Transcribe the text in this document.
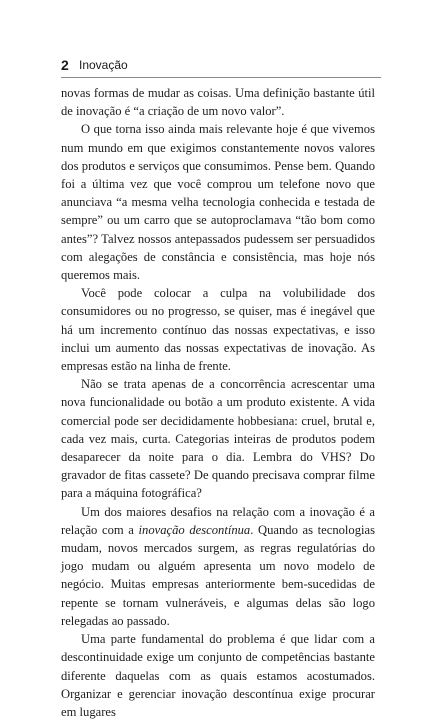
2 Inovação

novas formas de mudar as coisas. Uma definição bastante útil de inovação é “a criação de um novo valor”.

O que torna isso ainda mais relevante hoje é que vivemos num mundo em que exigimos constantemente novos valores dos produtos e serviços que consumimos. Pense bem. Quando foi a última vez que você comprou um telefone novo que anunciava “a mesma velha tecnologia conhecida e testada de sempre” ou um carro que se autoproclamava “tão bom como antes”? Talvez nossos antepassados pudessem ser persuadidos com alegações de constância e consistência, mas hoje nós queremos mais.

Você pode colocar a culpa na volubilidade dos consumidores ou no progresso, se quiser, mas é inegável que há um incremento contínuo das nossas expectativas, e isso inclui um aumento das nossas expectativas de inovação. As empresas estão na linha de frente.

Não se trata apenas de a concorrência acrescentar uma nova funcionalidade ou botão a um produto existente. A vida comercial pode ser decididamente hobbesiana: cruel, brutal e, cada vez mais, curta. Categorias inteiras de produtos podem desaparecer da noite para o dia. Lembra do VHS? Do gravador de fitas cassete? De quando precisava comprar filme para a máquina fotográfica?

Um dos maiores desafios na relação com a inovação é a relação com a inovação descontínua. Quando as tecnologias mudam, novos mercados surgem, as regras regulatórias do jogo mudam ou alguém apresenta um novo modelo de negócio. Muitas empresas anteriormente bem-sucedidas de repente se tornam vulneráveis, e algumas delas são logo relegadas ao passado.

Uma parte fundamental do problema é que lidar com a descontinuidade exige um conjunto de competências bastante diferente daquelas com as quais estamos acostumados. Organizar e gerenciar inovação descontínua exige procurar em lugares
